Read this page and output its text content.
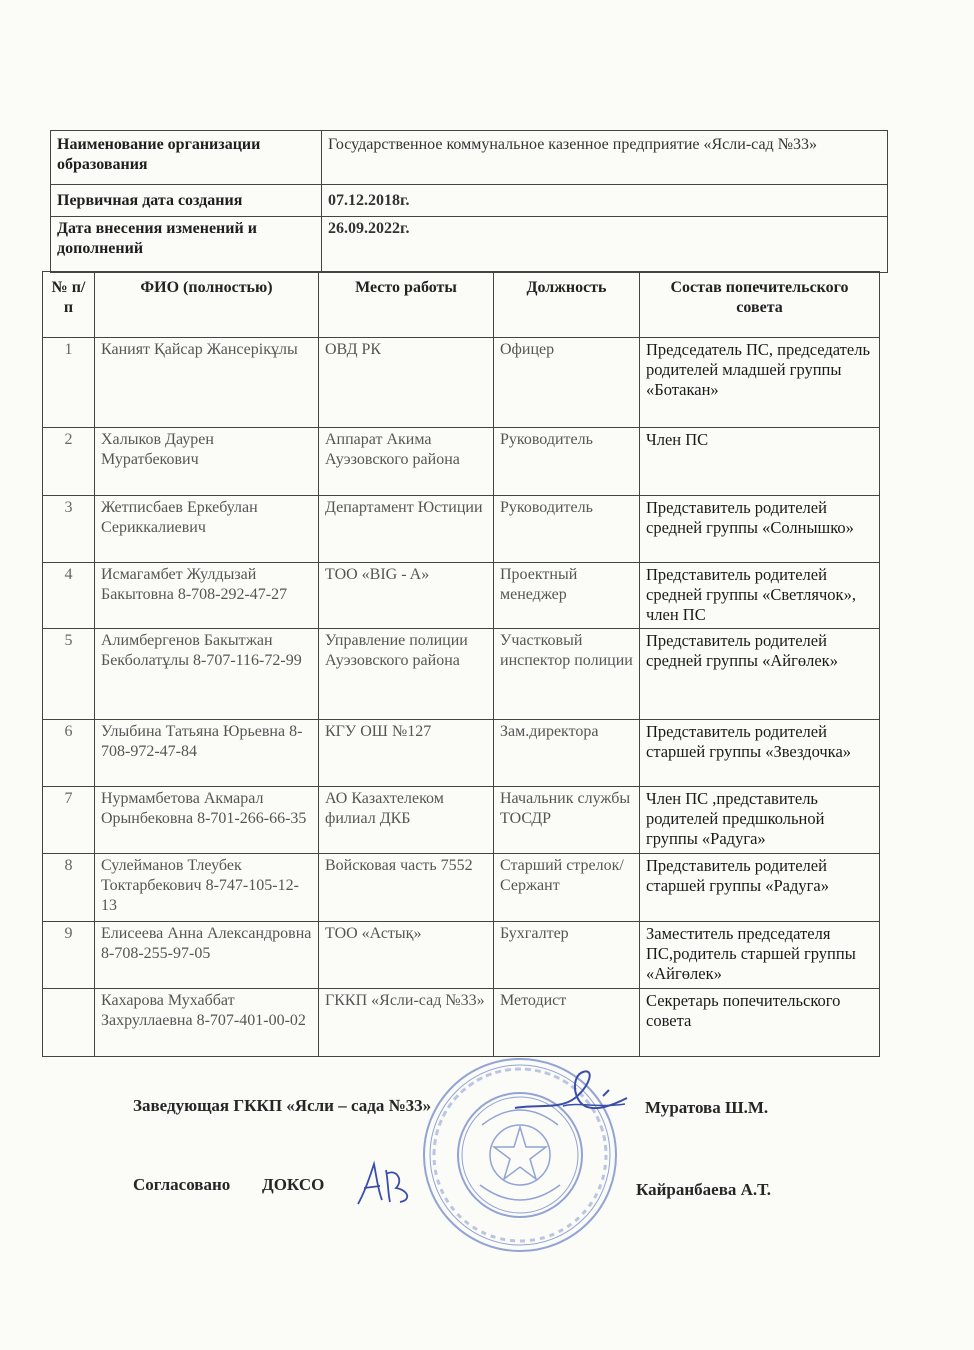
Наименование организации образования	Государственное коммунальное казенное предприятие «Ясли-сад №33»
Первичная дата создания	07.12.2018г.
Дата внесения изменений и дополнений	26.09.2022г.
№ п/п	ФИО (полностью)	Место работы	Должность	Состав попечительского совета
1	Каният Қайсар Жансерікұлы	ОВД РК	Офицер	Председатель ПС, председатель родителей младшей группы «Ботакан»
2	Халыков Даурен Муратбекович	Аппарат Акима Ауэзовского района	Руководитель	Член ПС
3	Жетписбаев Еркебулан Сериккалиевич	Департамент Юстиции	Руководитель	Представитель родителей средней группы «Солнышко»
4	Исмагамбет Жулдызай Бакытовна 8-708-292-47-27	ТОО «BIG - A»	Проектный менеджер	Представитель родителей средней группы «Светлячок», член ПС
5	Алимбергенов Бакытжан Бекболатұлы 8-707-116-72-99	Управление полиции Ауэзовского района	Участковый инспектор полиции	Представитель родителей средней группы «Айгөлек»
6	Улыбина Татьяна Юрьевна 8-708-972-47-84	КГУ ОШ №127	Зам.директора	Представитель родителей старшей группы «Звездочка»
7	Нурмамбетова Акмарал Орынбековна 8-701-266-66-35	АО Казахтелеком филиал ДКБ	Начальник службы ТОСДР	Член ПС ,представитель родителей предшкольной группы «Радуга»
8	Сулейманов Тлеубек Токтарбекович 8-747-105-12-13	Войсковая часть 7552	Старший стрелок/ Сержант	Представитель родителей старшей группы «Радуга»
9	Елисеева Анна Александровна 8-708-255-97-05	ТОО «Астық»	Бухгалтер	Заместитель председателя ПС,родитель старшей группы «Айгөлек»
	Кахарова Мухаббат Захруллаевна 8-707-401-00-02	ГККП «Ясли-сад №33»	Методист	Секретарь попечительского совета
Заведующая ГККП «Ясли – сада №33»	Муратова Ш.М.
Согласовано ДОКСО	Кайранбаева А.Т.
